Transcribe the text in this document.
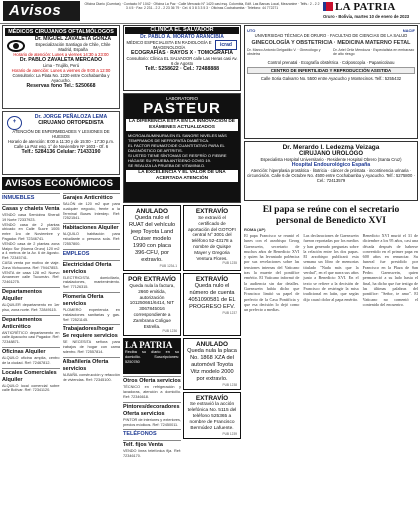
Avisos	Oficina Diario (Cuentas) · Contacto N° 1042 · Oficina La Paz · Calle Mercado N° 1420 casi esq. Colombia, Edif. Las Barcas Local, Mezzanine · Telfs.: 2 - 2 2 3 4 5 · Fax: 2 231 - 2 2 - 2 23 36 79 · Cel. 6 3 8 3 3 5 3 · Oficinas Cochabamba · Telefono: 44 772271	LA PATRIA
Oruro - Bolivia, martes 10 de enero de 2023
MÉDICOS CIRUJANOS OFTALMÓLOGOS
Dr. MIGUEL ZAVALETA GONZA
Especialización Santiago de Chile, Chile Madrid, España
Horario de atención: Lunes a viernes 14:30 a 23:00
Dr. PABLO ZAVALETA MERCADO
Lima - Trujillo, Perú
Horario de atención: Lunes a viernes de 9:00 a 12:00
Consultorio: La Plata No. 1220 entre Cochabamba y Ayacucho.
Reservas fono Tel.: 5250668
+
Dr. JORGE PEÑALOZA LEMA
CIRUJANO ORTOPEDISTA
ATENCIÓN DE ENFERMEDADES Y LESIONES DE HUESOS
Horario de atención: 8:00 a 11:30 y de 15:00 - 17:30 p.m.
Calle La Paz esq. 1° de Noviembre Nº 1603 - Of. 6
Telf.: 5284136 Celular: 71433190
AVISOS ECONÓMICOS
INMUEBLES
Casas y chalets Venta

VENDO casa Semiobra Sherali 19 Norte 72337923.

VENDO casa de 2 plantas ubicado en Calle Sucre 1005 entre 1ro de Noviembre y Pagador. Ref: 72346741.

VENDO casa de 2 plantas zona Maipo Sur (Nueva Oruro) 120 m2 a 4 metros de la Av. 6 de Agosto. Ref: 72345741.

CASA venta por motivo de viaje. Zona Vichucoma. Ref: 79447853.

VENTA de casa 128 m2 Nuevo Amanecer calle Tucumán. Ref: 72461275.

Departamentos Alquiler

ALQUILER departamento en 1er piso, zona norte. Ref: 72849115.

Departamentos Anticrético

ANTICRÉTICO departamento en calle Ayacucho casi Pagador. Ref: 72348871.

Oficinas Alquiler

ALQUILO oficina amplia, centro de la ciudad. Ref: 72467812.

Locales Comerciales Alquiler

ALQUILO local comercial sobre calle Bolívar. Ref: 72341120.

Garajes Anticrético

SALÓN de 120 m2 que para cualquier negocio, frente a la Terminal Buses Interdep. Ref: 72521541.

Habitaciones Alquiler

ALQUILO habitación para estudiante o persona sola. Ref: 72557800.

EMPLEOS
Electricidad Oferta servicios

ELECTRICISTA domiciliario, instalaciones, mantenimiento. Ref: 77126315.

Plomeria Oferta servicios

PLOMERO experiencia en instalaciones sanitarias y gas. Ref: 72521145.

Trabajadores/hogar Se requiere servicios

SE NECESITA señora para trabajos de hogar con cama adentro. Ref: 72557814.

Albañilería Oferta servicios

ALBAÑIL construcción y refacción de viviendas. Ref: 72345100.

CLÍNICA EL SALVADOR
Dr. PABLO A. MORATO ARANCIBIA
MÉDICO ESPECIALISTA EN RADIOLOGÍA E IMAGENOLOGÍA	icrad
ECOGRAFÍAS · RAYOS X · TOMOGRAFÍA
Consultorio: Clínica EL SALVADOR calle Las Heras casi Av. 6 de Agosto
Telf.: 5258622 · Cel.: 72488888
LABORATORIO
PASTEUR
LA DIFERENCIA ESTÁ EN LA INNOVACIÓN DE EXÁMENES ACTUALIZADOS
MICROALBUMINURIA EN EL SANGRE NIVELES MÁS TEMPRANOS DE NEFROPATÍA DIABÉTICA.
EL FACTOR REUMATOIDE CUANTITATIVO PARA EL DIAGNÓSTICO DE ARTRITIS.
SI USTED TIENE SÍNTOMAS DE RESFRÍO O FIEBRE HÁGASE SU PRUEBA ANTÍGENO COVID 19.
SE REALIZA LA PRUEBA DE VITAMINA D.
LA EXCELENCIA Y EL VALOR DE UNA ACERTADA ATENCIÓN
ANULADO
Queda nulo el RUAT del vehículo jeep Toyota Land Cruiser modelo 1990 con placa 396-CFU, por extravío.
PUB 1234-1
EXTRAVÍO
Se extravió el certificado de aportación del GOTOFI central N° 3001 del teléfono 52-43178 a nombre de Quispe Mayer y Gregoria Ventura Flores.
PUB 1235
POR EXTRAVÍO
Queda nula la factura, 2660 emitida, autorización 101250661/6414, NIT 3067845016 correspondiente a Zambrana Coligue Estrella.
PUB 1236
EXTRAVÍO
Queda nulo el número de cuenta 4051090581 de EL PROGRESO EFV.
PUB 1237
LA PATRIA
Reciba su diario en su domicilio. Suscripciones: 5250780
Otros Oferta servicios

TÉCNICO en refrigeración y lavadoras, atención a domicilio. Ref: 72346618.

Pintores/decoradores Oferta servicios

PINTOR de interiores y exteriores, precios módicos. Ref: 72450011.

TELÉFONOS
Telf. fijos Venta

VENDO línea telefónica fija. Ref: 72346170.

ANULADO
Queda nula la placa No. 1868 XZA del automóvil Toyota Vitz modelo 2000 por extravío.
PUB 1238
EXTRAVÍO
Se extravió la acción telefónica No. 5115 del teléfono 525365 a nombre de Francisco Bermúdez Lafuente.
PUB 1239
UTO	NACIF
UNIVERSIDAD TÉCNICA DE ORURO · FACULTAD DE CIENCIAS DE LA SALUD
GINECOLOGÍA Y OBSTETRICIA · MEDICINA MATERNO FETAL
Dr. Marco Antonio Delgadillo V. · Ginecólogo y obstetra
Dr. Ariel Ortiz Mendoza · Especialista en embarazo de alto riesgo
Control prenatal · Ecografía obstétrica · Colposcopía · Papanicolaou
CENTRO DE INFERTILIDAD Y REPRODUCCIÓN ASISTIDA
Calle Soria Galvarro No. 5500 entre Ayacucho y Montecinos. Telf.: 5255432
Dr. Merardo I. Ledezma Veizaga
CIRUJANO UROLÓGO
Especialista Hospital Universitario · Residente Hospital Obrero (Santa Cruz)
Hospital Endourológico España
Atención: hiperplasia prostática · litotricia · cáncer de próstata · incontinencia urinaria · circuncisión. Calle 6 de Octubre No. 4500 entre Cochabamba y Ayacucho. Telf.: 5275800 · Cel.: 72413579
El papa se reúne con el secretario personal de Benedicto XVI
ROMA (AP)

El papa Francisco se reunió el lunes con el arzobispo Georg Gaenswein, secretario de muchos años de Benedicto XVI y quien ha levantado polémica por sus revelaciones sobre las tensiones internas del Vaticano tras la muerte del pontífice emérito. El Vaticano informó de la audiencia sin dar detalles. Gaenswein había dicho que Francisco limitó su papel de prefecto de la Casa Pontificia y que esa decisión lo dejó como un prefecto a medias.

Las declaraciones de Gaenswein fueron reportadas por los medios y han generado preguntas sobre la relación entre los dos papas. El arzobispo publicará esta semana un libro de memorias titulado "Nada más que la verdad", en el que narra sus años junto a Benedicto XVI. En el texto se refiere a la decisión de Francisco de restringir la misa tradicional en latín, que según dijo causó dolor al papa emérito.

Benedicto XVI murió el 31 de diciembre a los 95 años, casi una década después de haberse convertido en el primer papa en 600 años en renunciar. Su funeral fue presidido por Francisco en la Plaza de San Pedro. Gaenswein, quien permaneció a su lado hasta el final, ha dicho que fue testigo de las últimas palabras del pontífice: "Señor, te amo". El Vaticano no comentó el contenido del encuentro.
